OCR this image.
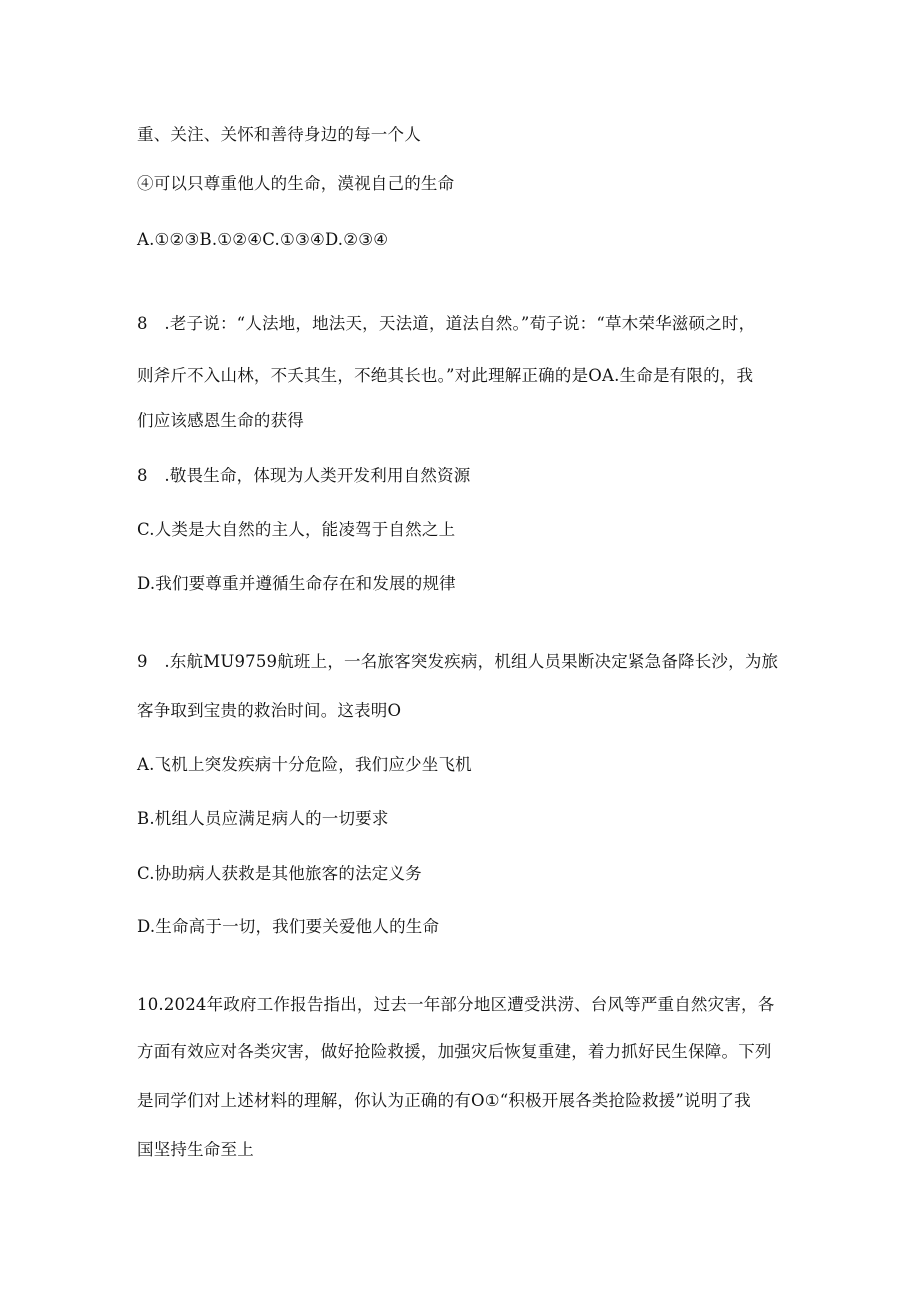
重、关注、关怀和善待身边的每一个人
④可以只尊重他人的生命，漠视自己的生命
A.①②③B.①②④C.①③④D.②③④
8　.老子说：“人法地，地法天，天法道，道法自然。”荀子说：“草木荣华滋硕之时，
则斧斤不入山林，不夭其生，不绝其长也。”对此理解正确的是OA.生命是有限的，我
们应该感恩生命的获得
8　.敬畏生命，体现为人类开发利用自然资源
C.人类是大自然的主人，能凌驾于自然之上
D.我们要尊重并遵循生命存在和发展的规律
9　.东航MU9759航班上，一名旅客突发疾病，机组人员果断决定紧急备降长沙，为旅
客争取到宝贵的救治时间。这表明O
A.飞机上突发疾病十分危险，我们应少坐飞机
B.机组人员应满足病人的一切要求
C.协助病人获救是其他旅客的法定义务
D.生命高于一切，我们要关爱他人的生命
10.2024年政府工作报告指出，过去一年部分地区遭受洪涝、台风等严重自然灾害，各
方面有效应对各类灾害，做好抢险救援，加强灾后恢复重建，着力抓好民生保障。下列
是同学们对上述材料的理解，你认为正确的有O①“积极开展各类抢险救援”说明了我
国坚持生命至上
